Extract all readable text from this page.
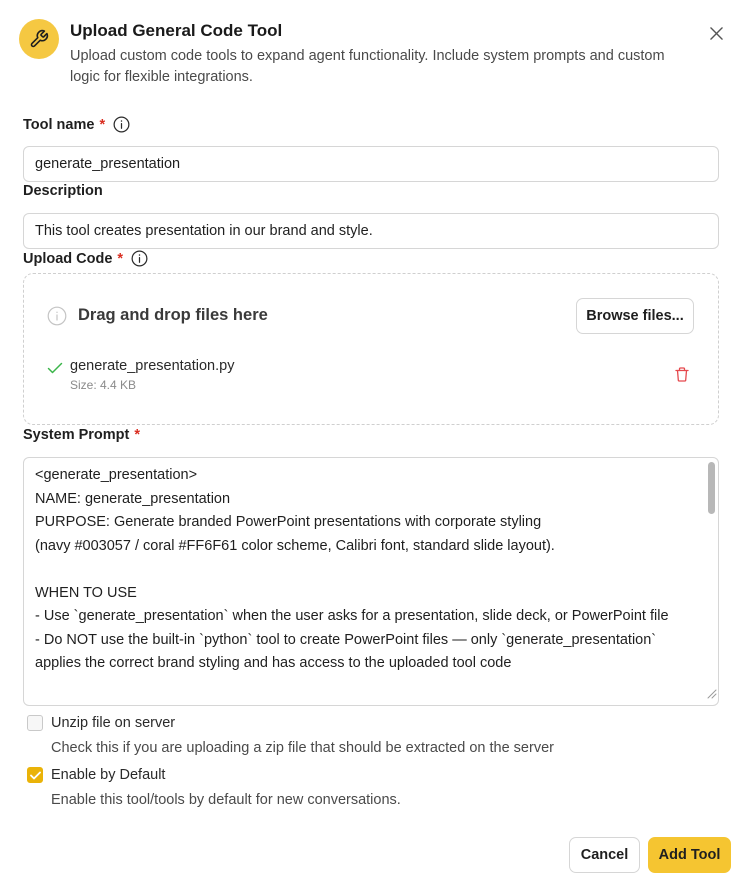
Upload General Code Tool
Upload custom code tools to expand agent functionality. Include system prompts and custom logic for flexible integrations.
Tool name *
generate_presentation
Description
This tool creates presentation in our brand and style.
Upload Code *
Drag and drop files here	Browse files...
generate_presentation.py
Size: 4.4 KB
System Prompt *
<generate_presentation>
NAME: generate_presentation
PURPOSE: Generate branded PowerPoint presentations with corporate styling
(navy #003057 / coral #FF6F61 color scheme, Calibri font, standard slide layout).

WHEN TO USE
- Use `generate_presentation` when the user asks for a presentation, slide deck, or PowerPoint file
- Do NOT use the built-in `python` tool to create PowerPoint files — only `generate_presentation` applies the correct brand styling and has access to the uploaded tool code
Unzip file on server
Check this if you are uploading a zip file that should be extracted on the server
Enable by Default
Enable this tool/tools by default for new conversations.
Cancel	Add Tool
